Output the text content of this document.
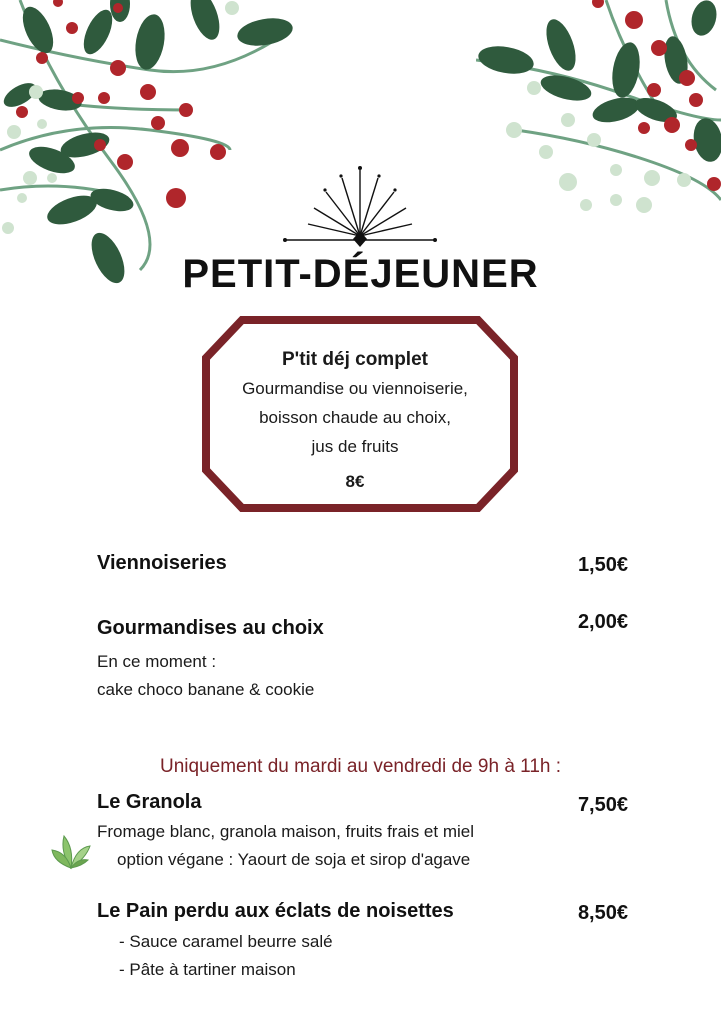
PETIT-DÉJEUNER
P'tit déj complet
Gourmandise ou viennoiserie,
boisson chaude au choix,
jus de fruits
8€
Viennoiseries	1,50€
Gourmandises au choix	2,00€
En ce moment :
cake choco banane & cookie
Uniquement du mardi au vendredi de 9h à 11h :
Le Granola	7,50€
Fromage blanc, granola maison, fruits frais et miel
option végane : Yaourt de soja et sirop d'agave
Le Pain perdu aux éclats de noisettes	8,50€
- Sauce caramel beurre salé
- Pâte à tartiner maison
